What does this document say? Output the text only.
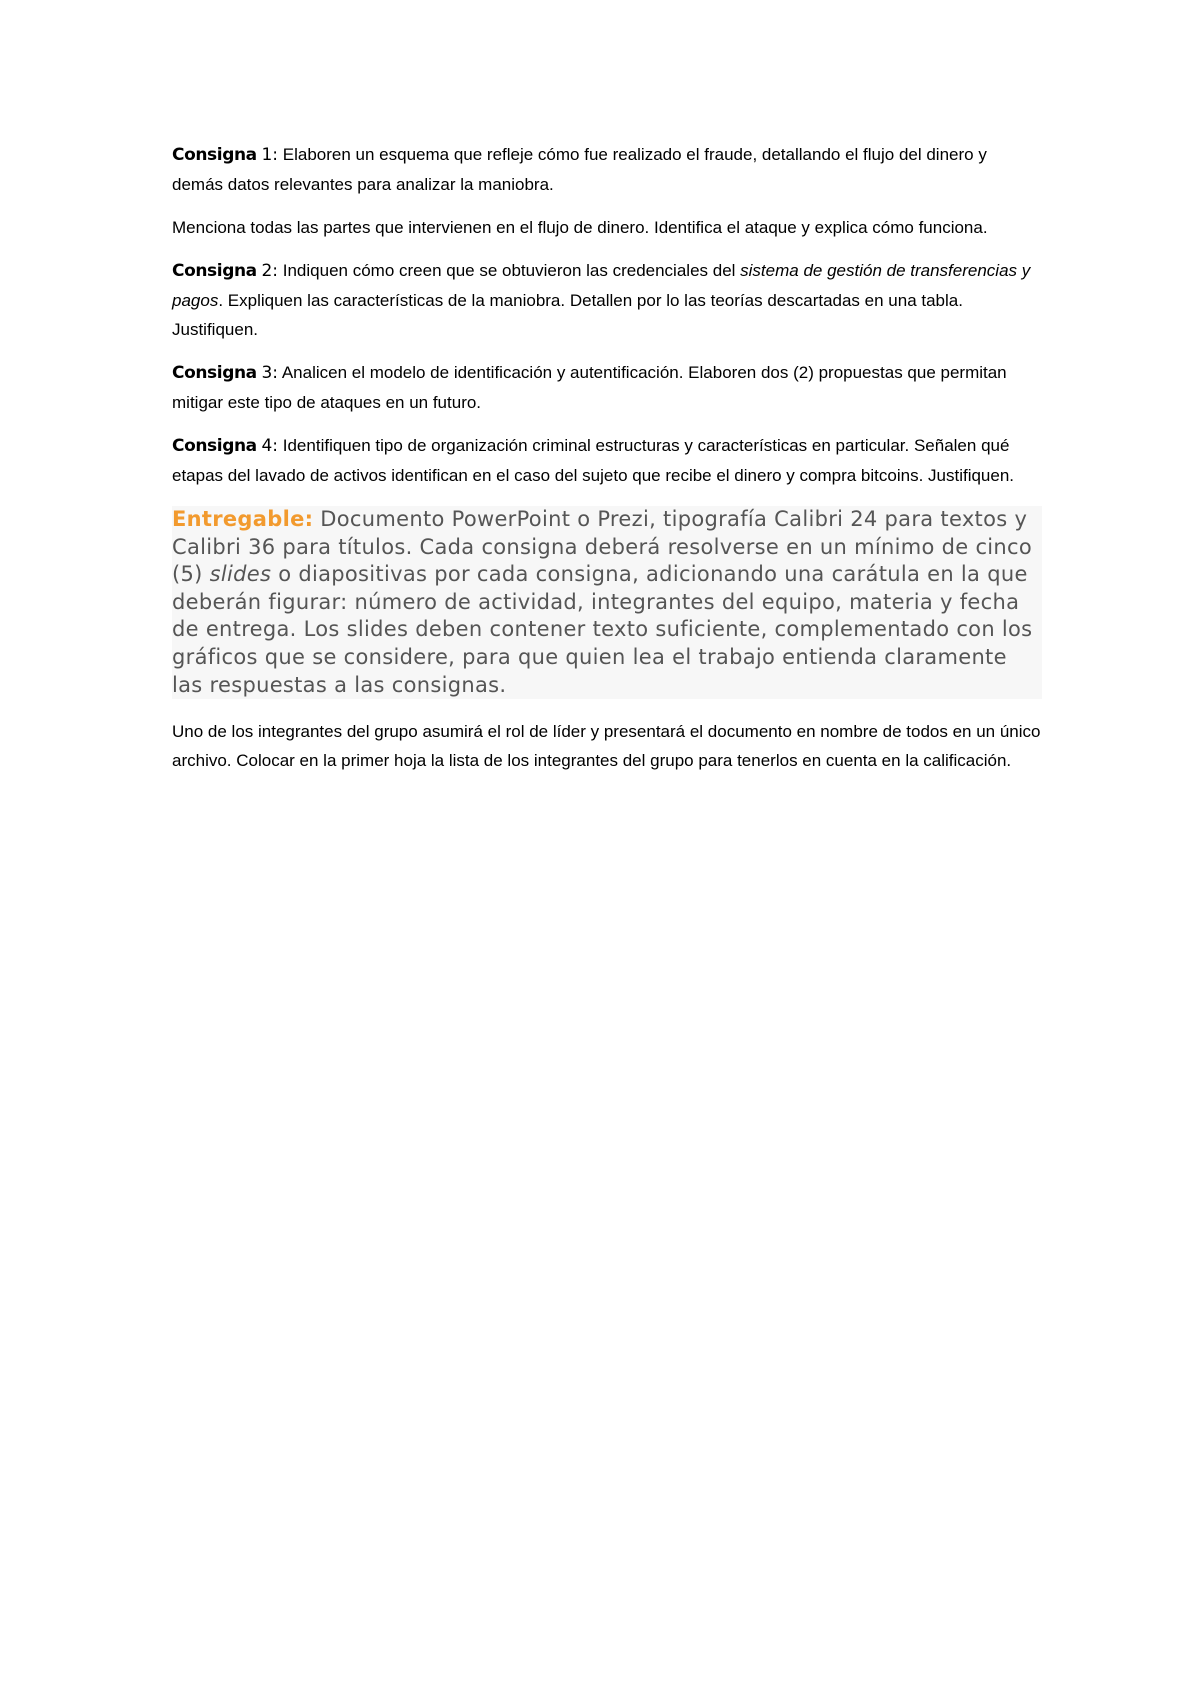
Consigna 1: Elaboren un esquema que refleje cómo fue realizado el fraude, detallando el flujo del dinero y demás datos relevantes para analizar la maniobra.

Menciona todas las partes que intervienen en el flujo de dinero. Identifica el ataque y explica cómo funciona.

Consigna 2: Indiquen cómo creen que se obtuvieron las credenciales del sistema de gestión de transferencias y pagos. Expliquen las características de la maniobra. Detallen por lo las teorías descartadas en una tabla. Justifiquen.

Consigna 3: Analicen el modelo de identificación y autentificación. Elaboren dos (2) propuestas que permitan mitigar este tipo de ataques en un futuro.

Consigna 4: Identifiquen tipo de organización criminal estructuras y características en particular. Señalen qué etapas del lavado de activos identifican en el caso del sujeto que recibe el dinero y compra bitcoins. Justifiquen.

Entregable: Documento PowerPoint o Prezi, tipografía Calibri 24 para textos y Calibri 36 para títulos. Cada consigna deberá resolverse en un mínimo de cinco (5) slides o diapositivas por cada consigna, adicionando una carátula en la que deberán figurar: número de actividad, integrantes del equipo, materia y fecha de entrega. Los slides deben contener texto suficiente, complementado con los gráficos que se considere, para que quien lea el trabajo entienda claramente las respuestas a las consignas.

Uno de los integrantes del grupo asumirá el rol de líder y presentará el documento en nombre de todos en un único archivo. Colocar en la primer hoja la lista de los integrantes del grupo para tenerlos en cuenta en la calificación.
